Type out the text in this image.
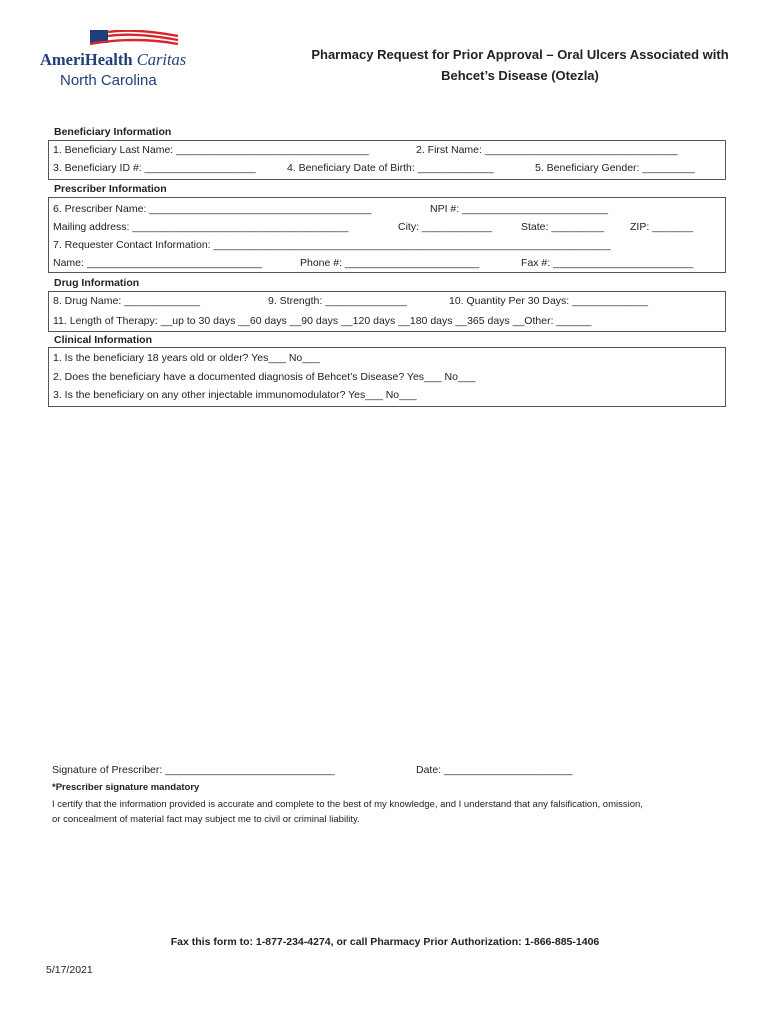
AmeriHealth Caritas
North Carolina
Pharmacy Request for Prior Approval – Oral Ulcers Associated with
Behcet’s Disease (Otezla)
Beneficiary Information
1. Beneficiary Last Name: _________________________________	2. First Name: _________________________________
3. Beneficiary ID #: ___________________	4. Beneficiary Date of Birth: _____________	5. Beneficiary Gender: _________
Prescriber Information
6. Prescriber Name: ______________________________________	NPI #: _________________________
Mailing address: _____________________________________	City: ____________	State: _________ ZIP: _______
7. Requester Contact Information: ____________________________________________________________________
Name: ______________________________	Phone #: _______________________	Fax #: ________________________
Drug Information
8. Drug Name: _____________	9. Strength: ______________	10. Quantity Per 30 Days: _____________
11. Length of Therapy: __up to 30 days __60 days __90 days __120 days __180 days __365 days __Other: ______
Clinical Information
1. Is the beneficiary 18 years old or older? Yes___ No___
2. Does the beneficiary have a documented diagnosis of Behcet’s Disease? Yes___ No___
3. Is the beneficiary on any other injectable immunomodulator? Yes___ No___
Signature of Prescriber: _____________________________	Date: ______________________
*Prescriber signature mandatory
I certify that the information provided is accurate and complete to the best of my knowledge, and I understand that any falsification, omission,
or concealment of material fact may subject me to civil or criminal liability.
Fax this form to: 1-877-234-4274, or call Pharmacy Prior Authorization: 1-866-885-1406
5/17/2021
